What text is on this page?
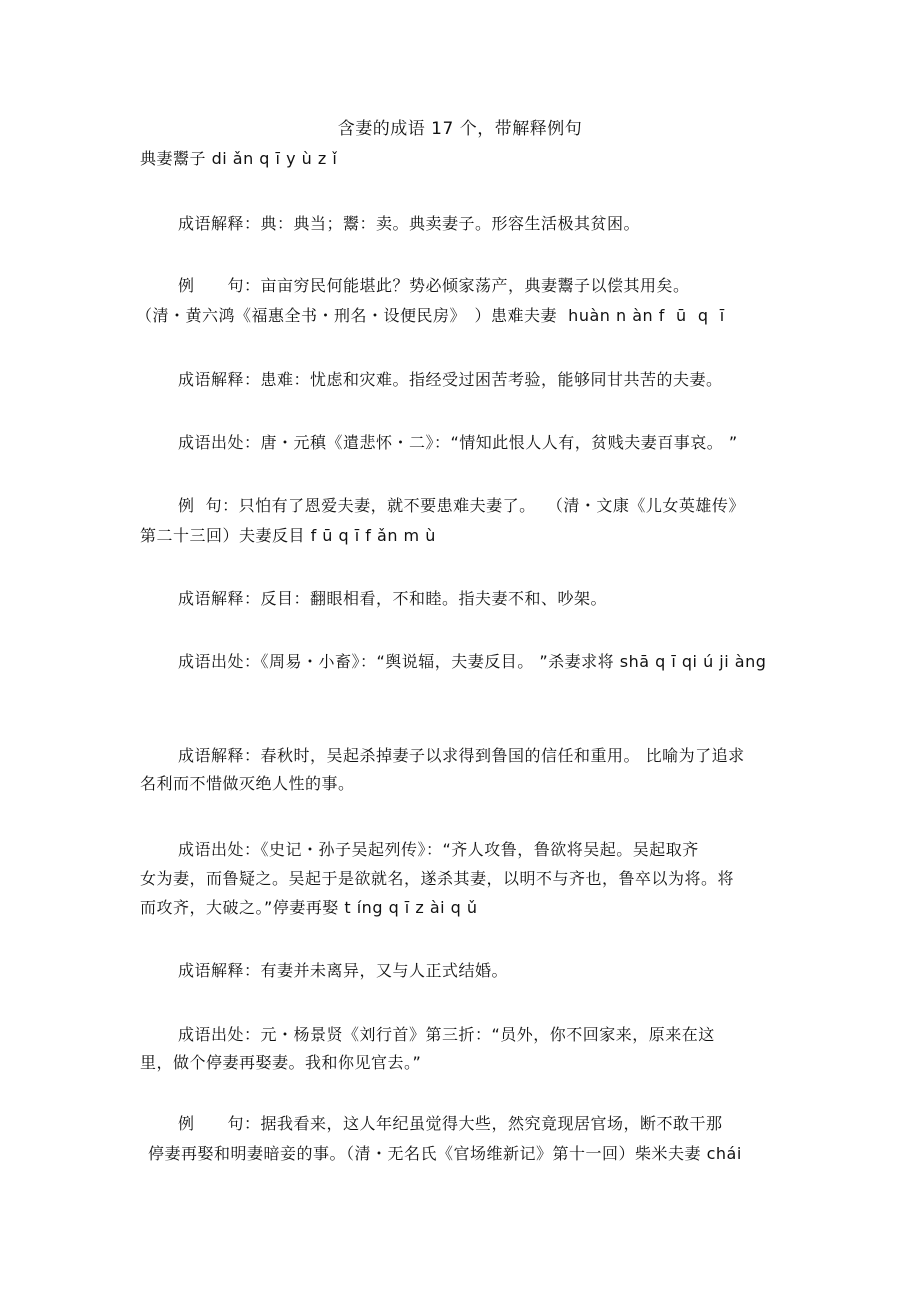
含妻的成语 17 个，带解释例句
典妻鬻子 di ǎn q ī y ù z ǐ
成语解释：典：典当；鬻：卖。典卖妻子。形容生活极其贫困。
例　　句：亩亩穷民何能堪此？势必倾家荡产，典妻鬻子以偿其用矣。
（清・黄六鸿《福惠全书・刑名・设便民房》　）患难夫妻  huàn n àn f  ū  q  ī
成语解释：患难：忧虑和灾难。指经受过困苦考验，能够同甘共苦的夫妻。
成语出处：唐・元稹《遣悲怀・二》：“情知此恨人人有，贫贱夫妻百事哀。 ”
例  句：只怕有了恩爱夫妻，就不要患难夫妻了。  （清・文康《儿女英雄传》
第二十三回）夫妻反目 f ū q ī f ǎn m ù
成语解释：反目：翻眼相看，不和睦。指夫妻不和、吵架。
成语出处：《周易・小畜》：“舆说辐，夫妻反目。 ”杀妻求将 shā q ī qi ú ji àng
成语解释：春秋时，吴起杀掉妻子以求得到鲁国的信任和重用。 比喻为了追求
名利而不惜做灭绝人性的事。
成语出处：《史记・孙子吴起列传》：“齐人攻鲁，鲁欲将吴起。吴起取齐
女为妻，而鲁疑之。吴起于是欲就名，遂杀其妻，以明不与齐也，鲁卒以为将。将
而攻齐，大破之。”停妻再娶 t íng q ī z ài q ǔ
成语解释：有妻并未离异，又与人正式结婚。
成语出处：元・杨景贤《刘行首》第三折：“员外，你不回家来，原来在这
里，做个停妻再娶妻。我和你见官去。”
例　　句：据我看来，这人年纪虽觉得大些，然究竟现居官场，断不敢干那
停妻再娶和明妻暗妾的事。（清・无名氏《官场维新记》第十一回）柴米夫妻 chái
